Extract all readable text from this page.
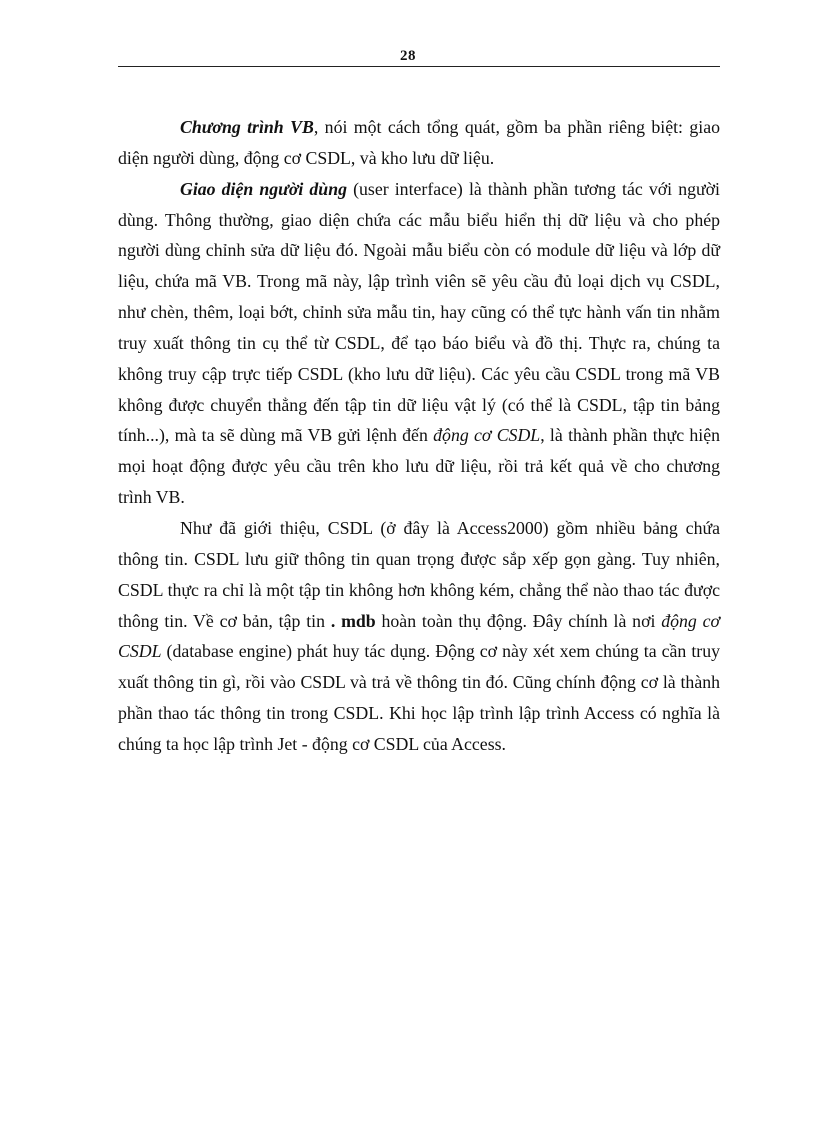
28

Chương trình VB, nói một cách tổng quát, gồm ba phần riêng biệt: giao diện người dùng, động cơ CSDL, và kho lưu dữ liệu.

Giao diện người dùng (user interface) là thành phần tương tác với người dùng. Thông thường, giao diện chứa các mẫu biểu hiển thị dữ liệu và cho phép người dùng chỉnh sửa dữ liệu đó. Ngoài mẫu biểu còn có module dữ liệu và lớp dữ liệu, chứa mã VB. Trong mã này, lập trình viên sẽ yêu cầu đủ loại dịch vụ CSDL, như chèn, thêm, loại bớt, chỉnh sửa mẫu tin, hay cũng có thể tực hành vấn tin nhằm truy xuất thông tin cụ thể từ CSDL, để tạo báo biểu và đồ thị. Thực ra, chúng ta không truy cập trực tiếp CSDL (kho lưu dữ liệu). Các yêu cầu CSDL trong mã VB không được chuyển thẳng đến tập tin dữ liệu vật lý (có thể là CSDL, tập tin bảng tính...), mà ta sẽ dùng mã VB gửi lệnh đến động cơ CSDL, là thành phần thực hiện mọi hoạt động được yêu cầu trên kho lưu dữ liệu, rồi trả kết quả về cho chương trình VB.

Như đã giới thiệu, CSDL (ở đây là Access2000) gồm nhiều bảng chứa thông tin. CSDL lưu giữ thông tin quan trọng được sắp xếp gọn gàng. Tuy nhiên, CSDL thực ra chỉ là một tập tin không hơn không kém, chẳng thể nào thao tác được thông tin. Về cơ bản, tập tin . mdb hoàn toàn thụ động. Đây chính là nơi động cơ CSDL (database engine) phát huy tác dụng. Động cơ này xét xem chúng ta cần truy xuất thông tin gì, rồi vào CSDL và trả về thông tin đó. Cũng chính động cơ là thành phần thao tác thông tin trong CSDL. Khi học lập trình lập trình Access có nghĩa là chúng ta học lập trình Jet - động cơ CSDL của Access.
